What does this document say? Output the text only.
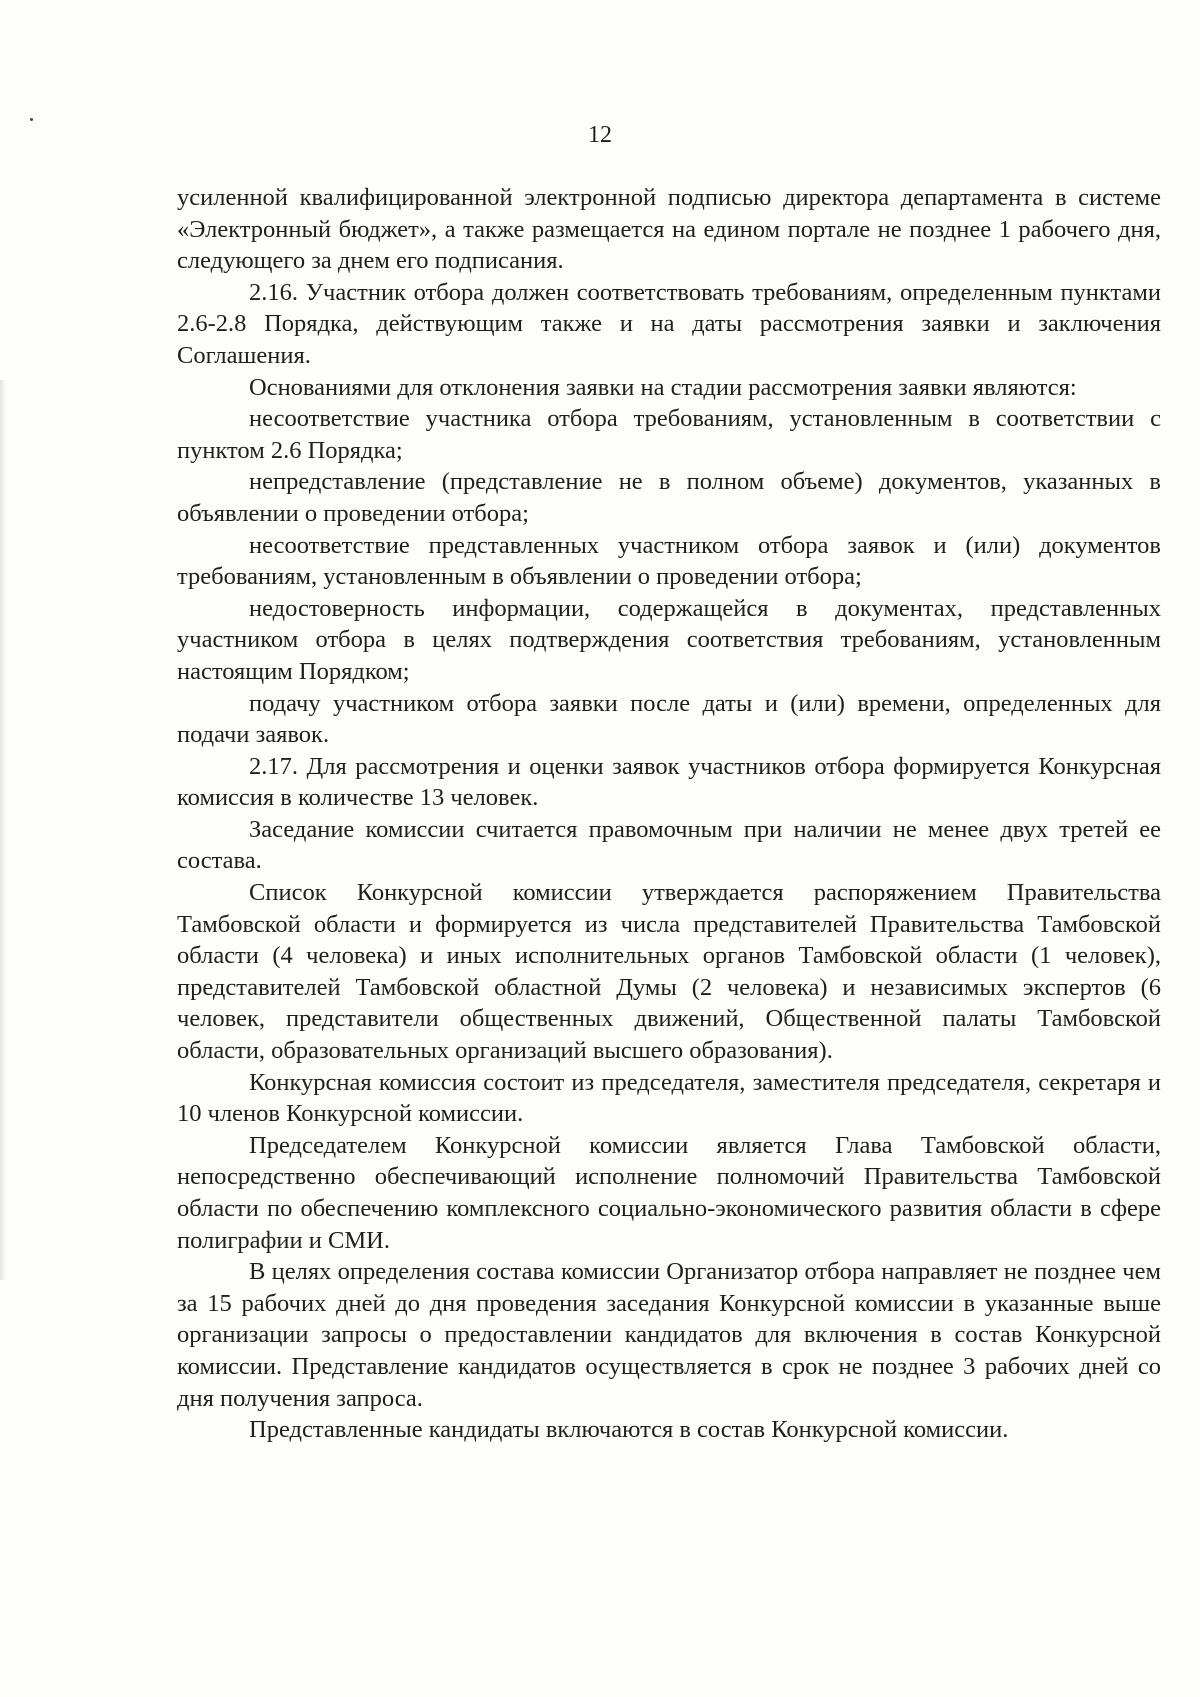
12

усиленной квалифицированной электронной подписью директора департамента в системе «Электронный бюджет», а также размещается на едином портале не позднее 1 рабочего дня, следующего за днем его подписания.

2.16. Участник отбора должен соответствовать требованиям, определенным пунктами 2.6-2.8 Порядка, действующим также и на даты рассмотрения заявки и заключения Соглашения.

Основаниями для отклонения заявки на стадии рассмотрения заявки являются:

несоответствие участника отбора требованиям, установленным в соответствии с пунктом 2.6 Порядка;

непредставление (представление не в полном объеме) документов, указанных в объявлении о проведении отбора;

несоответствие представленных участником отбора заявок и (или) документов требованиям, установленным в объявлении о проведении отбора;

недостоверность информации, содержащейся в документах, представленных участником отбора в целях подтверждения соответствия требованиям, установленным настоящим Порядком;

подачу участником отбора заявки после даты и (или) времени, определенных для подачи заявок.

2.17. Для рассмотрения и оценки заявок участников отбора формируется Конкурсная комиссия в количестве 13 человек.

Заседание комиссии считается правомочным при наличии не менее двух третей ее состава.

Список Конкурсной комиссии утверждается распоряжением Правительства Тамбовской области и формируется из числа представителей Правительства Тамбовской области (4 человека) и иных исполнительных органов Тамбовской области (1 человек), представителей Тамбовской областной Думы (2 человека) и независимых экспертов (6 человек, представители общественных движений, Общественной палаты Тамбовской области, образовательных организаций высшего образования).

Конкурсная комиссия состоит из председателя, заместителя председателя, секретаря и 10 членов Конкурсной комиссии.

Председателем Конкурсной комиссии является Глава Тамбовской области, непосредственно обеспечивающий исполнение полномочий Правительства Тамбовской области по обеспечению комплексного социально-экономического развития области в сфере полиграфии и СМИ.

В целях определения состава комиссии Организатор отбора направляет не позднее чем за 15 рабочих дней до дня проведения заседания Конкурсной комиссии в указанные выше организации запросы о предоставлении кандидатов для включения в состав Конкурсной комиссии. Представление кандидатов осуществляется в срок не позднее 3 рабочих дней со дня получения запроса.

Представленные кандидаты включаются в состав Конкурсной комиссии.
